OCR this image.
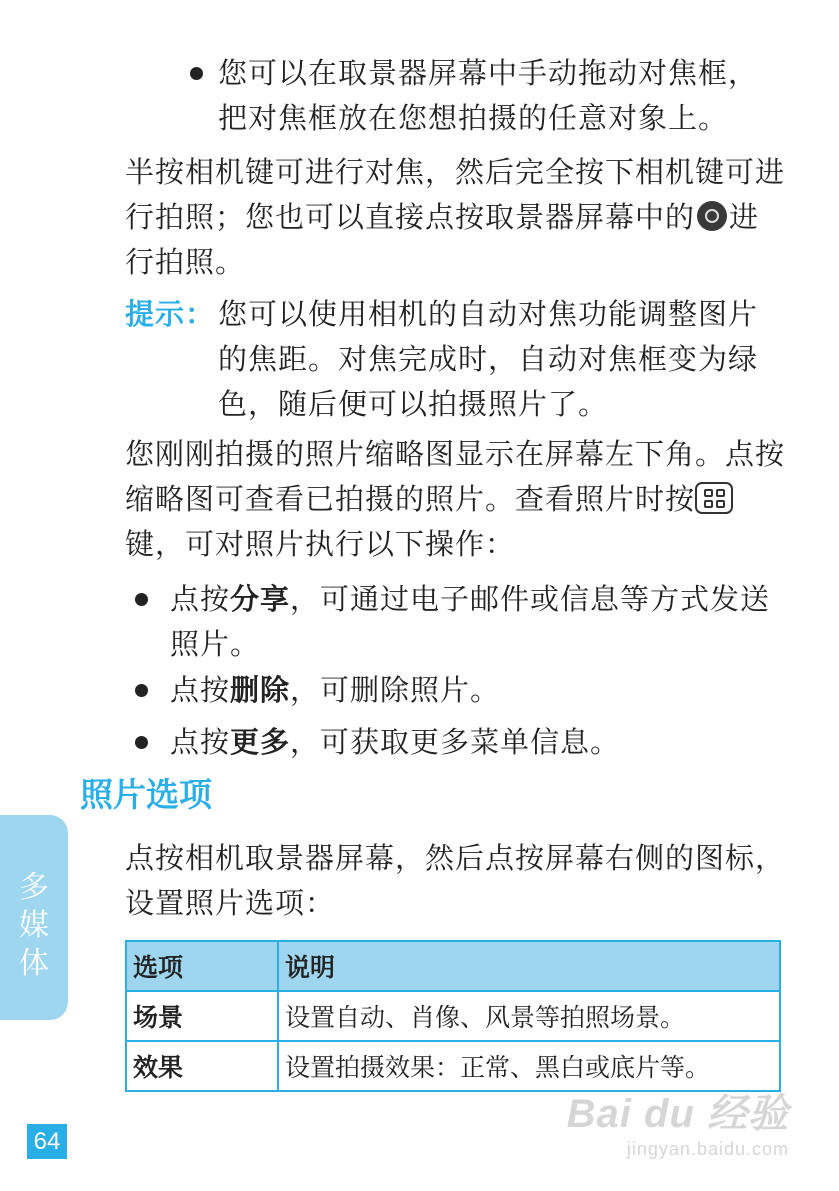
您可以在取景器屏幕中手动拖动对焦框，把对焦框放在您想拍摄的任意对象上。
半按相机键可进行对焦，然后完全按下相机键可进行拍照；您也可以直接点按取景器屏幕中的 进行拍照。
提示： 您可以使用相机的自动对焦功能调整图片的焦距。对焦完成时，自动对焦框变为绿色，随后便可以拍摄照片了。
您刚刚拍摄的照片缩略图显示在屏幕左下角。点按缩略图可查看已拍摄的照片。查看照片时按
键，可对照片执行以下操作：
点按分享，可通过电子邮件或信息等方式发送照片。
点按删除，可删除照片。
点按更多，可获取更多菜单信息。
照片选项
点按相机取景器屏幕，然后点按屏幕右侧的图标，设置照片选项：
选项	说明
场景	设置自动、肖像、风景等拍照场景。
效果	设置拍摄效果：正常、黑白或底片等。
多媒体
64
Bai du 经验
jingyan.baidu.com
